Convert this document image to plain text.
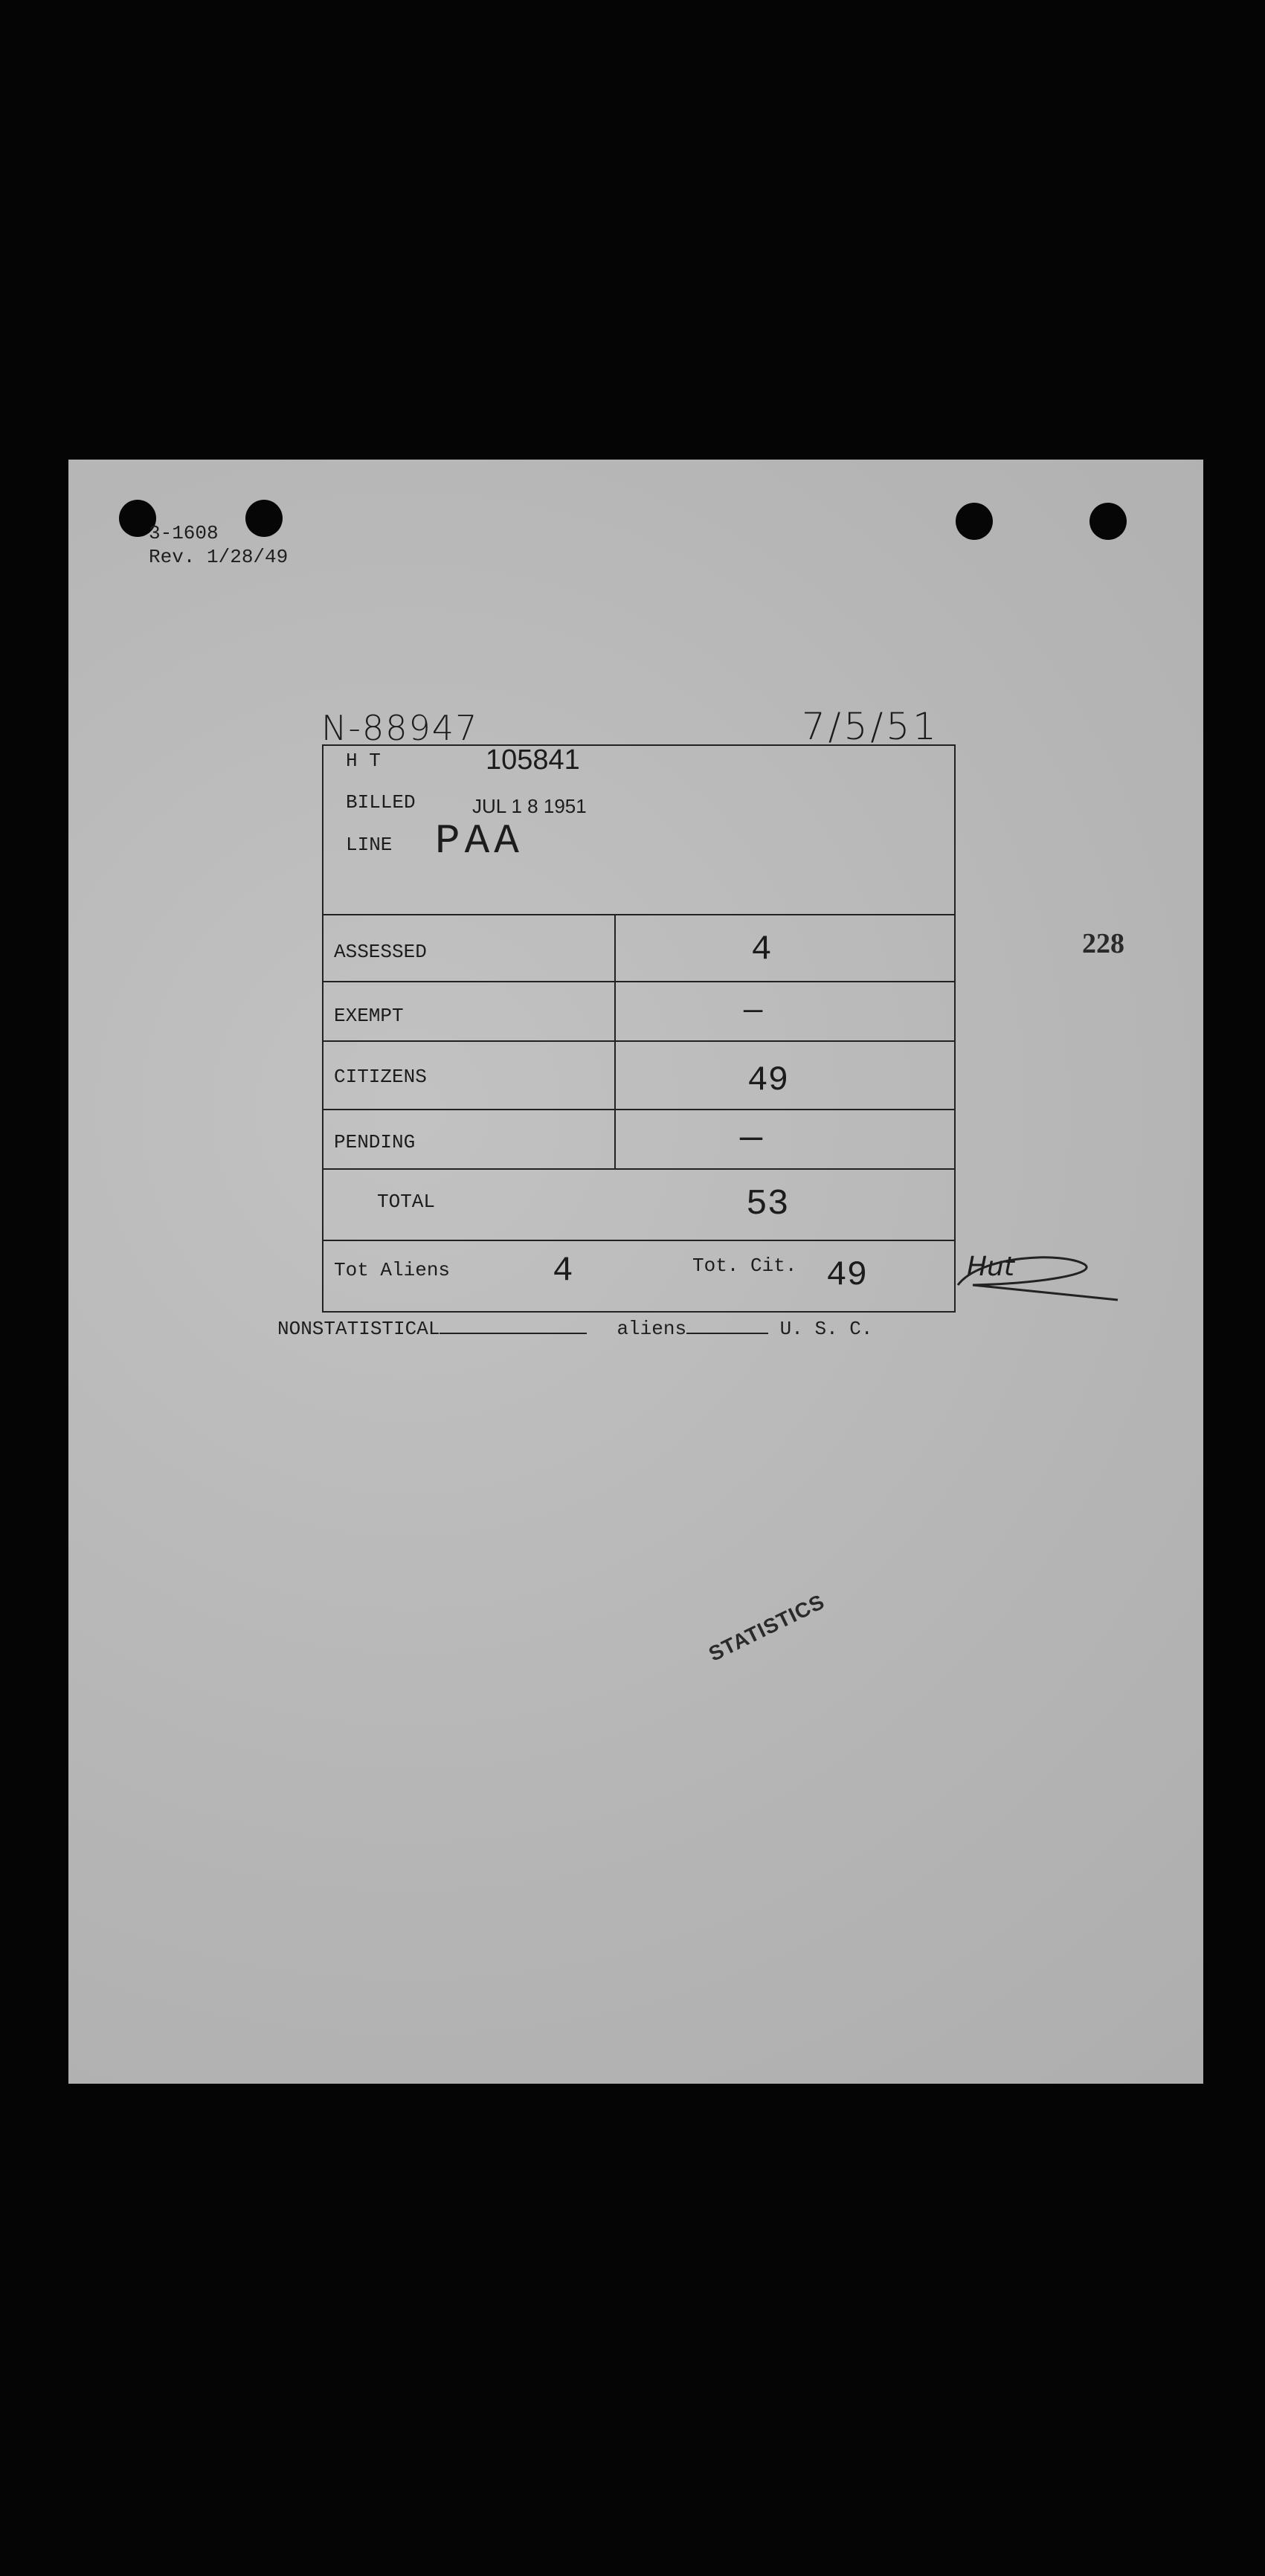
3-1608
Rev. 1/28/49
N-88947	7/5/51
228
H T	105841
BILLED	JUL 1 8 1951
LINE PAA
ASSESSED	4
EXEMPT	—
CITIZENS	49
PENDING	—
TOTAL	53
Tot Aliens	4	Tot. Cit. 49	Hut
NONSTATISTICAL	aliens	U. S. C.
STATISTICS
